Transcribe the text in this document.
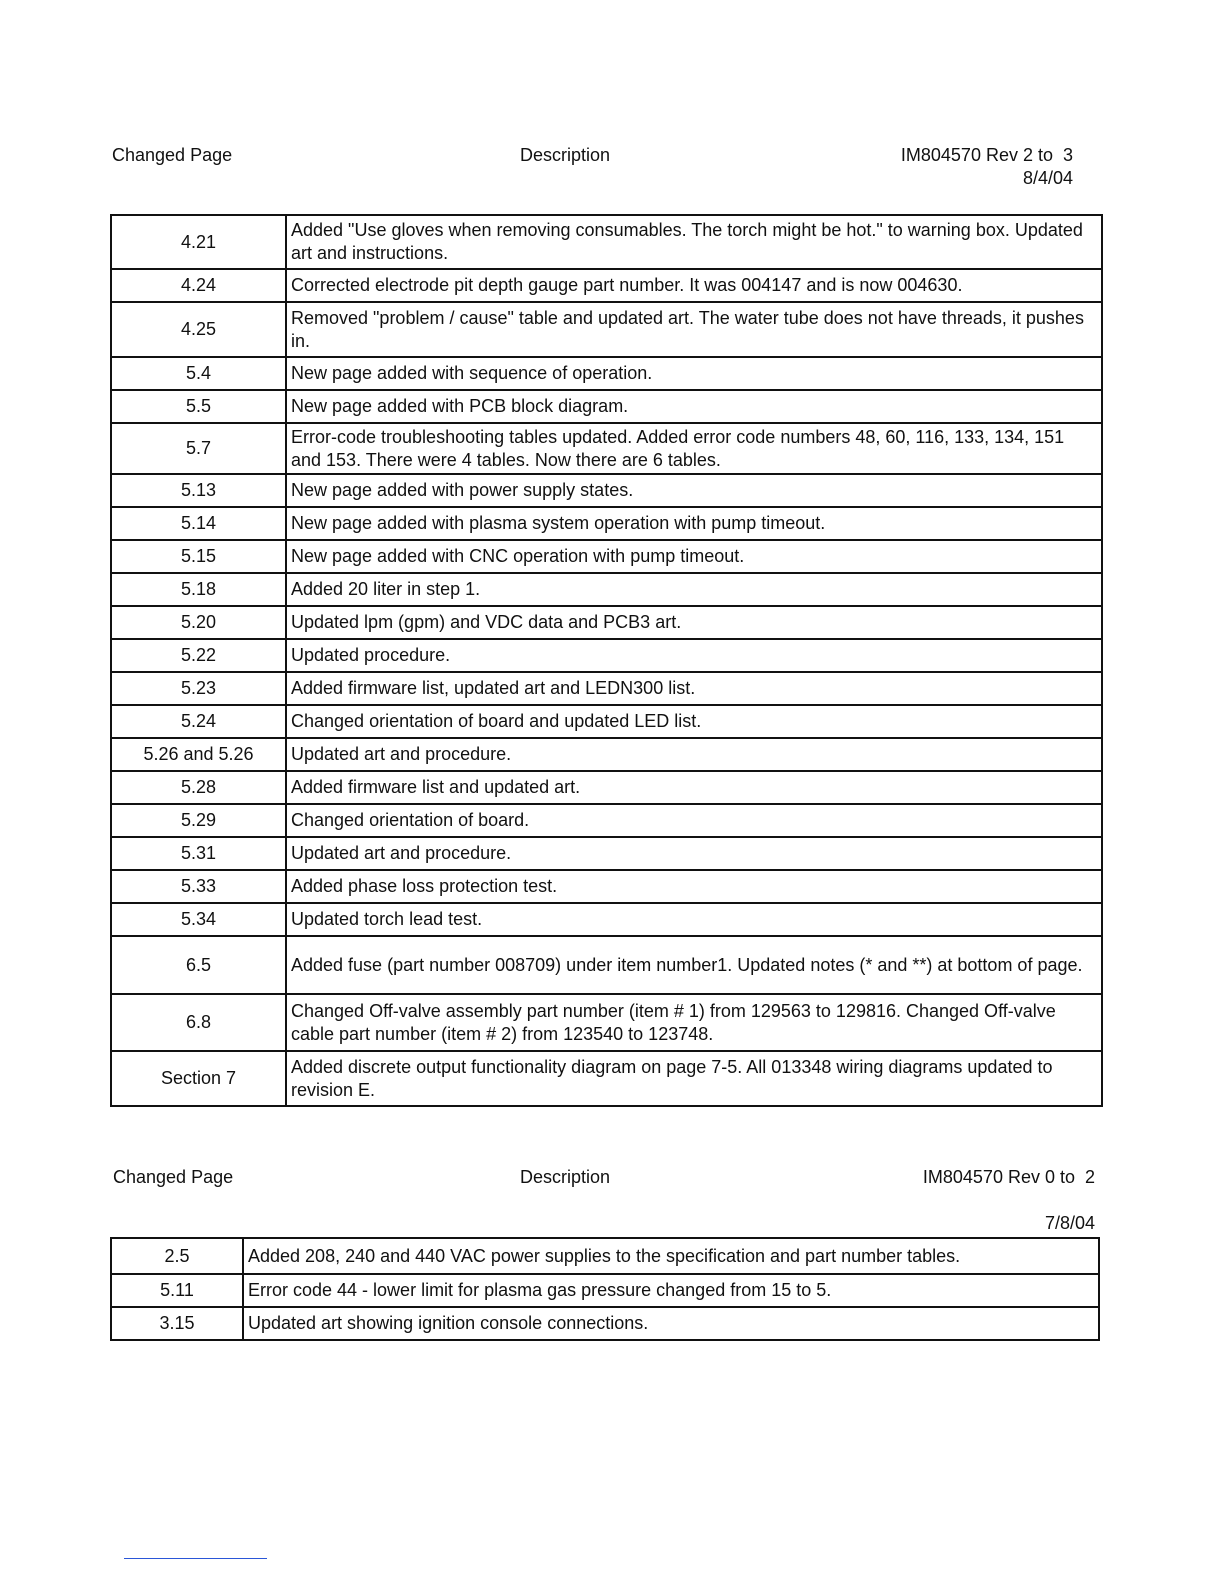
Changed Page	Description	IM804570 Rev 2 to  3
8/4/04
4.21	Added "Use gloves when removing consumables. The torch might be hot." to warning box. Updated art and instructions.
4.24	Corrected electrode pit depth gauge part number. It was 004147 and is now 004630.
4.25	Removed "problem / cause" table and updated art. The water tube does not have threads, it pushes in.
5.4	New page added with sequence of operation.
5.5	New page added with PCB block diagram.
5.7	Error-code troubleshooting tables updated. Added error code numbers 48, 60, 116, 133, 134, 151 and 153. There were 4 tables. Now there are 6 tables.
5.13	New page added with power supply states.
5.14	New page added with plasma system operation with pump timeout.
5.15	New page added with CNC operation with pump timeout.
5.18	Added 20 liter in step 1.
5.20	Updated lpm (gpm) and VDC data and PCB3 art.
5.22	Updated procedure.
5.23	Added firmware list, updated art and LEDN300 list.
5.24	Changed orientation of board and updated LED list.
5.26 and 5.26	Updated art and procedure.
5.28	Added firmware list and updated art.
5.29	Changed orientation of board.
5.31	Updated art and procedure.
5.33	Added phase loss protection test.
5.34	Updated torch lead test.
6.5	Added fuse (part number 008709) under item number1. Updated notes (* and **) at bottom of page.
6.8	Changed Off-valve assembly part number (item # 1) from 129563 to 129816. Changed Off-valve cable part number (item # 2) from 123540 to 123748.
Section 7	Added discrete output functionality diagram on page 7-5. All 013348 wiring diagrams updated to revision E.
Changed Page	Description	IM804570 Rev 0 to  2
7/8/04
2.5	Added 208, 240 and 440 VAC power supplies to the specification and part number tables.
5.11	Error code 44 - lower limit for plasma gas pressure changed from 15 to 5.
3.15	Updated art showing ignition console connections.
